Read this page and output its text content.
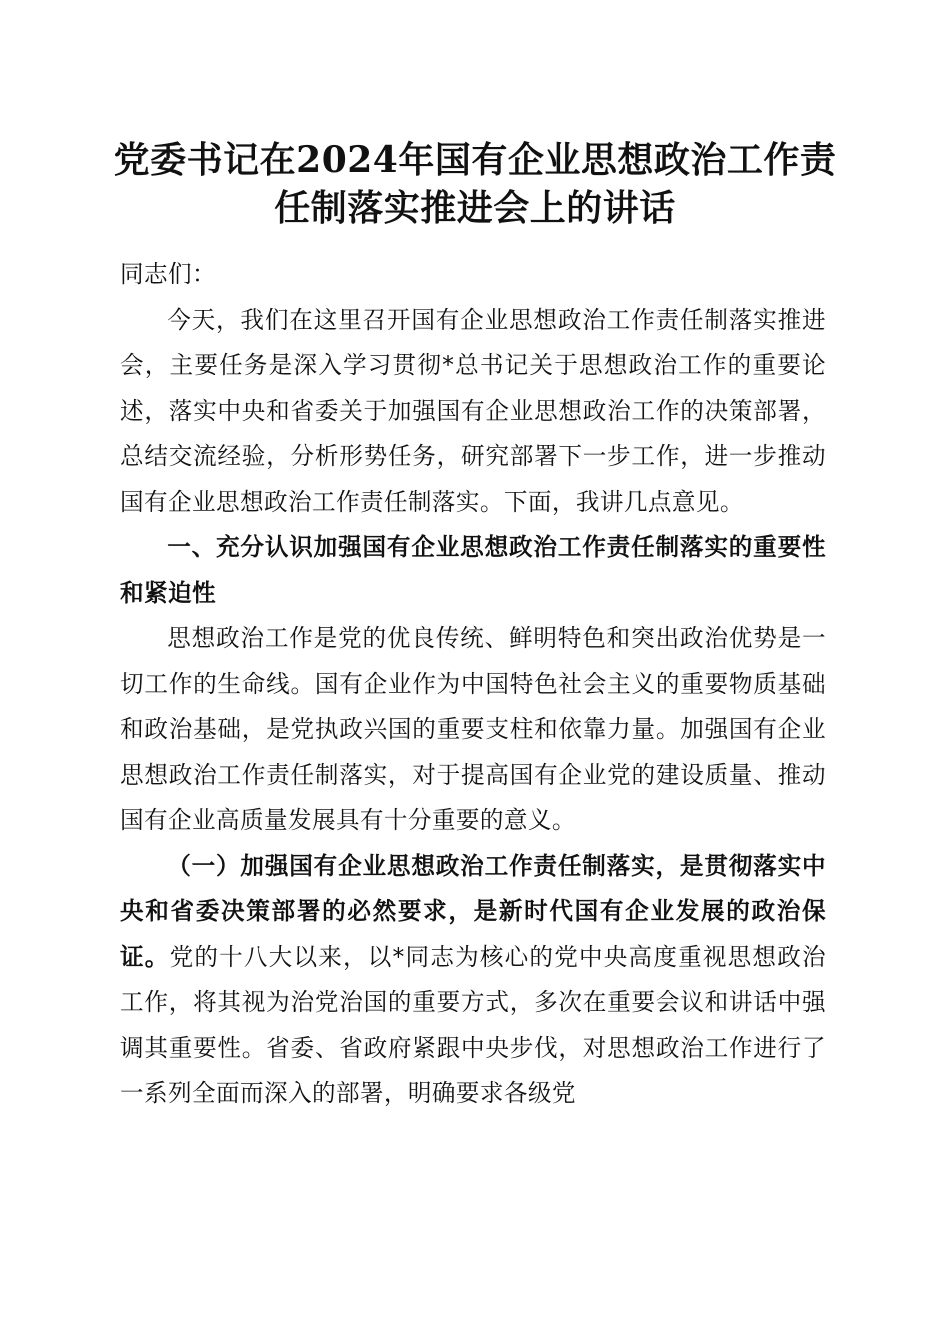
党委书记在2024年国有企业思想政治工作责
任制落实推进会上的讲话

同志们：

今天，我们在这里召开国有企业思想政治工作责任制落实推进会，主要任务是深入学习贯彻*总书记关于思想政治工作的重要论述，落实中央和省委关于加强国有企业思想政治工作的决策部署，总结交流经验，分析形势任务，研究部署下一步工作，进一步推动国有企业思想政治工作责任制落实。下面，我讲几点意见。

一、充分认识加强国有企业思想政治工作责任制落实的重要性和紧迫性

思想政治工作是党的优良传统、鲜明特色和突出政治优势是一切工作的生命线。国有企业作为中国特色社会主义的重要物质基础和政治基础，是党执政兴国的重要支柱和依靠力量。加强国有企业思想政治工作责任制落实，对于提高国有企业党的建设质量、推动国有企业高质量发展具有十分重要的意义。

（一）加强国有企业思想政治工作责任制落实，是贯彻落实中央和省委决策部署的必然要求，是新时代国有企业发展的政治保证。党的十八大以来，以*同志为核心的党中央高度重视思想政治工作，将其视为治党治国的重要方式，多次在重要会议和讲话中强调其重要性。省委、省政府紧跟中央步伐，对思想政治工作进行了一系列全面而深入的部署，明确要求各级党
